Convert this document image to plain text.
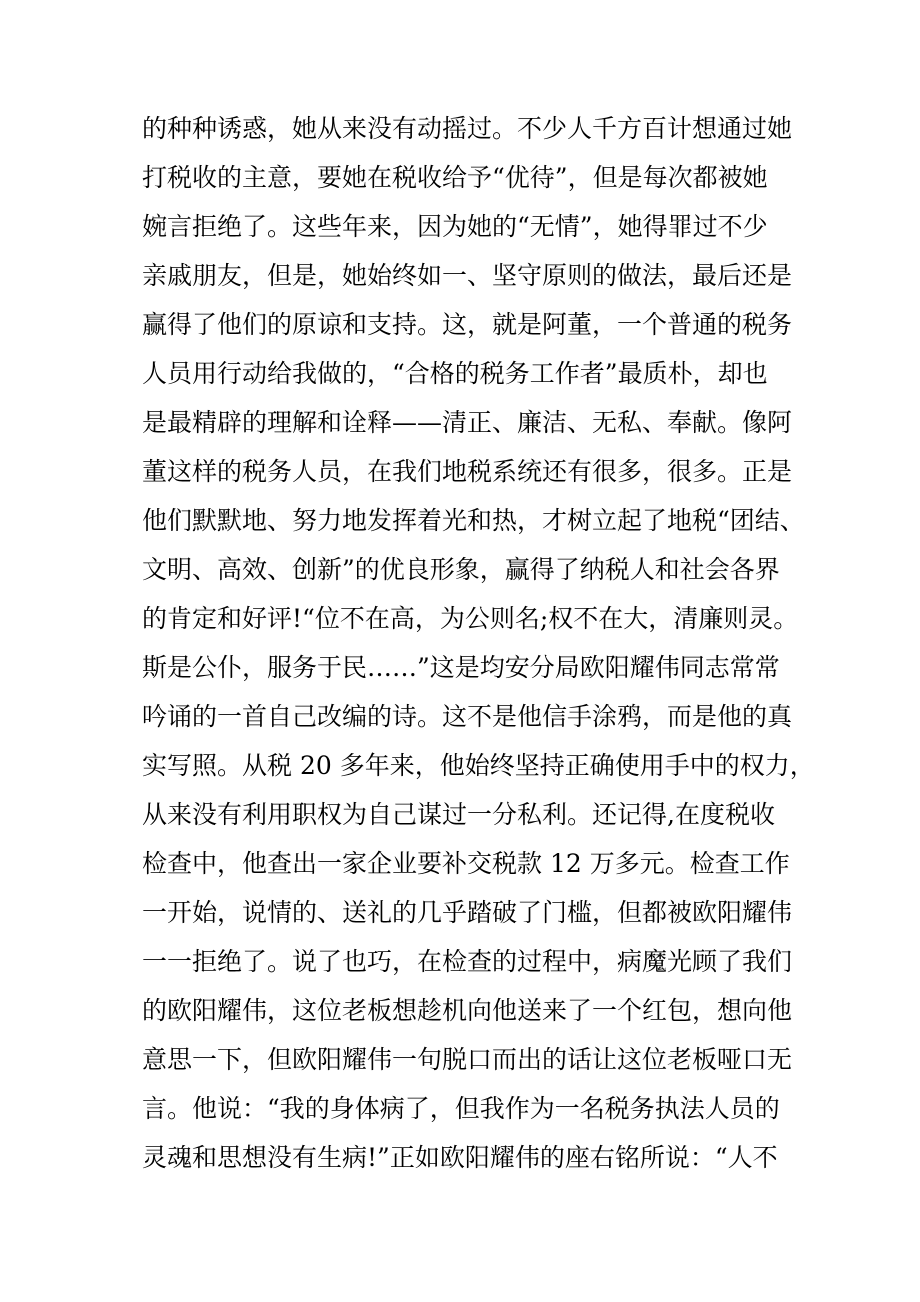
的种种诱惑，她从来没有动摇过。不少人千方百计想通过她
打税收的主意，要她在税收给予“优待”，但是每次都被她
婉言拒绝了。这些年来，因为她的“无情”，她得罪过不少
亲戚朋友，但是，她始终如一、坚守原则的做法，最后还是
赢得了他们的原谅和支持。这，就是阿董，一个普通的税务
人员用行动给我做的，“合格的税务工作者”最质朴，却也
是最精辟的理解和诠释——清正、廉洁、无私、奉献。像阿
董这样的税务人员，在我们地税系统还有很多，很多。正是
他们默默地、努力地发挥着光和热，才树立起了地税“团结、
文明、高效、创新”的优良形象，赢得了纳税人和社会各界
的肯定和好评!“位不在高，为公则名;权不在大，清廉则灵。
斯是公仆，服务于民……”这是均安分局欧阳耀伟同志常常
吟诵的一首自己改编的诗。这不是他信手涂鸦，而是他的真
实写照。从税 20 多年来，他始终坚持正确使用手中的权力，
从来没有利用职权为自己谋过一分私利。还记得,在度税收
检查中，他查出一家企业要补交税款 12 万多元。检查工作
一开始，说情的、送礼的几乎踏破了门槛，但都被欧阳耀伟
一一拒绝了。说了也巧，在检查的过程中，病魔光顾了我们
的欧阳耀伟，这位老板想趁机向他送来了一个红包，想向他
意思一下，但欧阳耀伟一句脱口而出的话让这位老板哑口无
言。他说：“我的身体病了，但我作为一名税务执法人员的
灵魂和思想没有生病!”正如欧阳耀伟的座右铭所说：“人不
